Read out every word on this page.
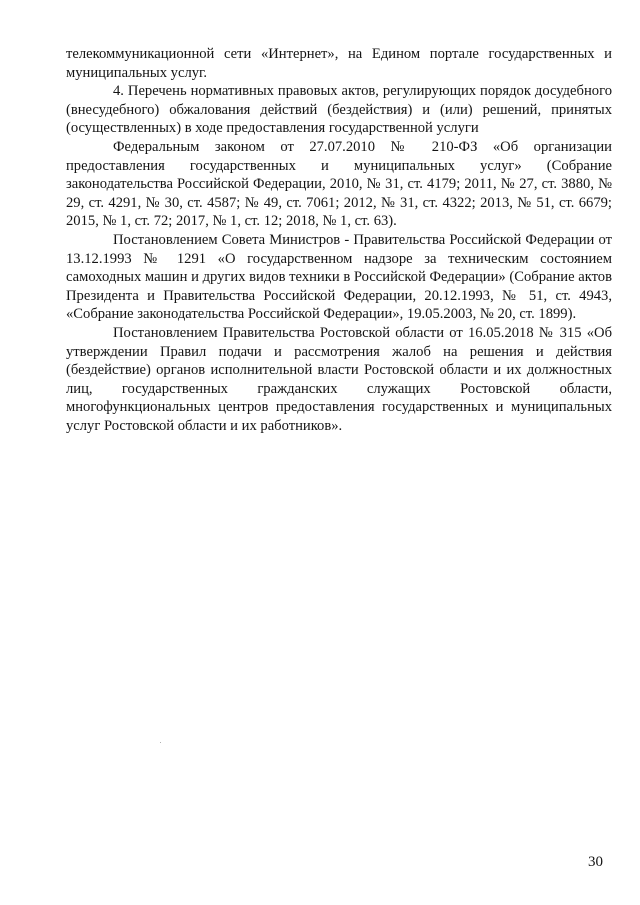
телекоммуникационной сети «Интернет», на Едином портале государственных и муниципальных услуг.

4. Перечень нормативных правовых актов, регулирующих порядок досудебного (внесудебного) обжалования действий (бездействия) и (или) решений, принятых (осуществленных) в ходе предоставления государственной услуги

Федеральным законом от 27.07.2010 № 210-ФЗ «Об организации предоставления государственных и муниципальных услуг» (Собрание законодательства Российской Федерации, 2010, № 31, ст. 4179; 2011, № 27, ст. 3880, № 29, ст. 4291, № 30, ст. 4587; № 49, ст. 7061; 2012, № 31, ст. 4322; 2013, № 51, ст. 6679; 2015, № 1, ст. 72; 2017, № 1, ст. 12; 2018, № 1, ст. 63).

Постановлением Совета Министров - Правительства Российской Федерации от 13.12.1993 № 1291 «О государственном надзоре за техническим состоянием самоходных машин и других видов техники в Российской Федерации» (Собрание актов Президента и Правительства Российской Федерации, 20.12.1993, № 51, ст. 4943, «Собрание законодательства Российской Федерации», 19.05.2003, № 20, ст. 1899).

Постановлением Правительства Ростовской области от 16.05.2018 № 315 «Об утверждении Правил подачи и рассмотрения жалоб на решения и действия (бездействие) органов исполнительной власти Ростовской области и их должностных лиц, государственных гражданских служащих Ростовской области, многофункциональных центров предоставления государственных и муниципальных услуг Ростовской области и их работников».

30
